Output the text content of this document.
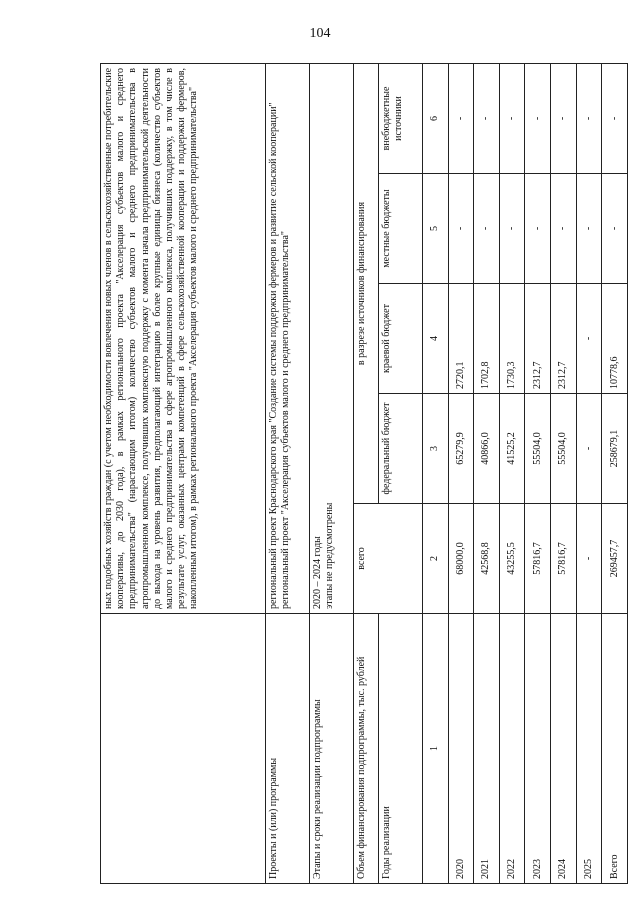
104
	ных подобных хозяйств граждан (с учетом необходимости вовлечения новых членов в сельскохозяйственные потребительские кооперативы, до 2030 года), в рамках регионального проекта "Акселерация субъектов малого и среднего предпринимательства" (нарастающим итогом) количество субъектов малого и среднего предпринимательства в агропромышленном комплексе, получивших комплексную поддержку с момента начала предпринимательской деятельности до выхода на уровень развития, предполагающий интеграцию в более крупные единицы бизнеса (количество субъектов малого и среднего предпринимательства в сфере агропромышленного комплекса, получивших поддержку, в том числе в результате услуг, оказанных центрами компетенций в сфере сельскохозяйственной кооперации и поддержки фермеров, накопленным итогом), в рамках регионального проекта "Акселерация субъектов малого и среднего предпринимательства"				
Проекты и (или) программы	региональный проект Краснодарского края "Создание системы поддержки фермеров и развитие сельской кооперации" региональный проект "Акселерация субъектов малого и среднего предпринимательства"				

Этапы и сроки реализации подпрограммы	2020 – 2024 годы этапы не предусмотрены				

Объем финансирования подпрограммы, тыс. рублей	всего	в разрезе источников финансирования			
Годы реализации		федеральный бюджет	краевой бюджет	местные бюджеты	внебюджетные источники
1	2	3	4	5	6
2020	68000,0	65279,9	2720,1	-	-
2021	42568,8	40866,0	1702,8	-	-
2022	43255,5	41525,2	1730,3	-	-
2023	57816,7	55504,0	2312,7	-	-
2024	57816,7	55504,0	2312,7	-	-
2025	-	-	-	-	-
Всего	269457,7	258679,1	10778,6	-	-
